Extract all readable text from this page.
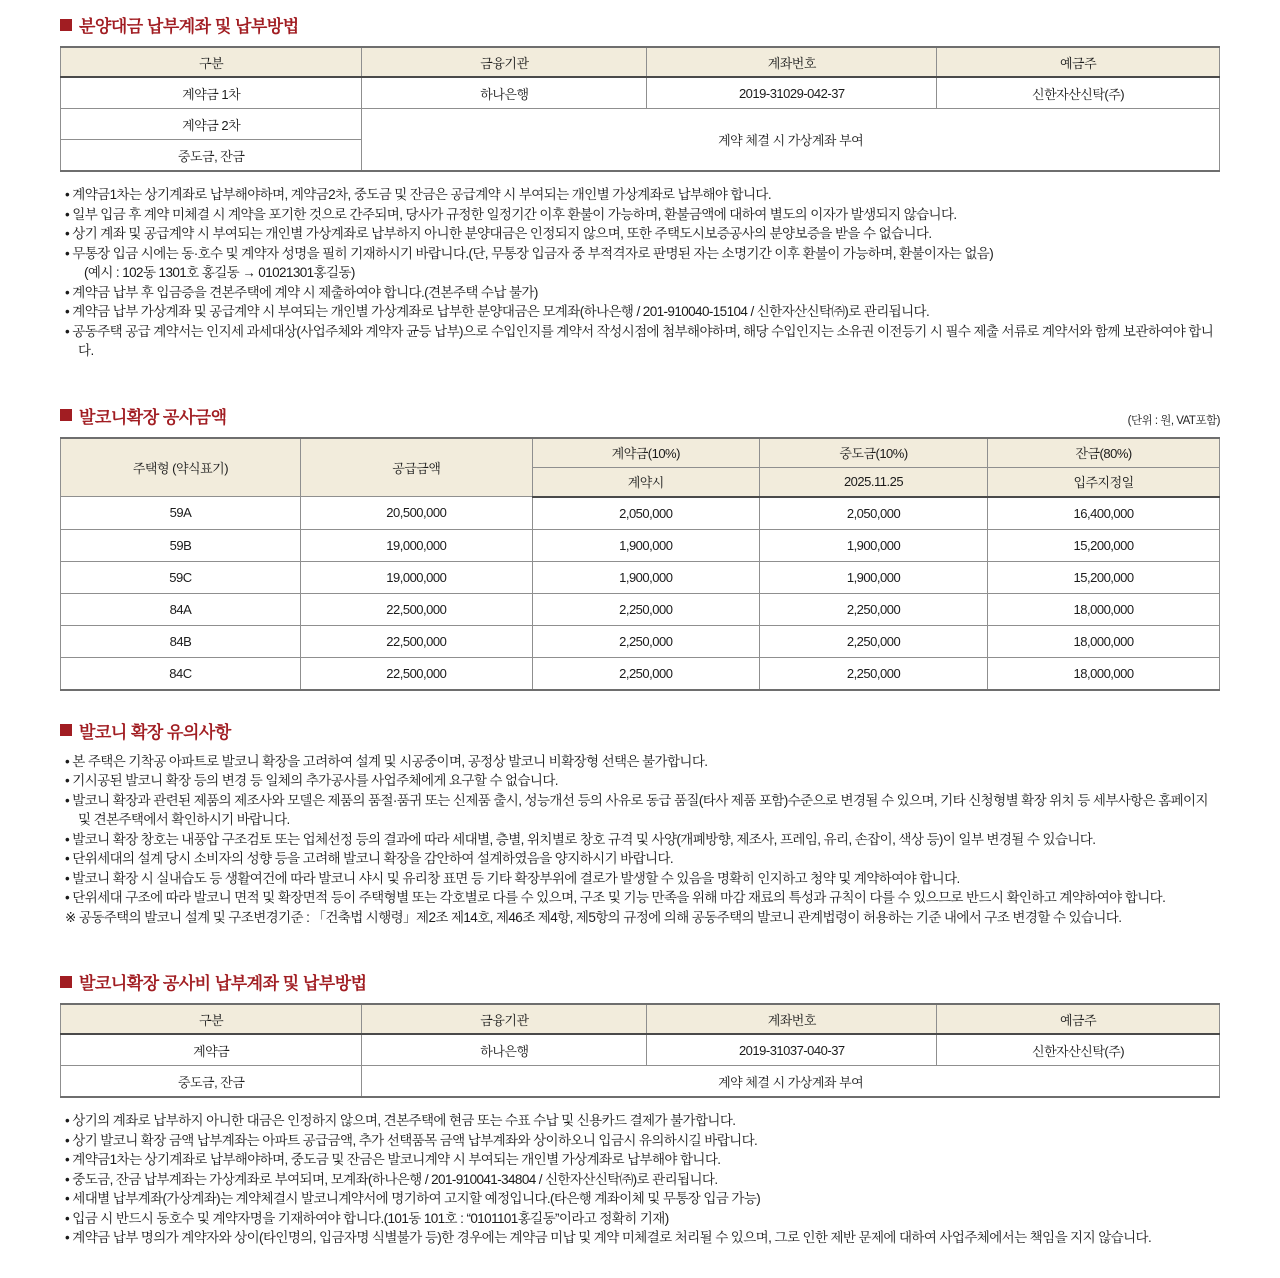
분양대금 납부계좌 및 납부방법
구분	금융기관	계좌번호	예금주
계약금 1차	하나은행	2019-31029-042-37	신한자산신탁(주)
계약금 2차	계약 체결 시 가상계좌 부여		
중도금, 잔금			
• 계약금1차는 상기계좌로 납부해야하며, 계약금2차, 중도금 및 잔금은 공급계약 시 부여되는 개인별 가상계좌로 납부해야 합니다.
• 일부 입금 후 계약 미체결 시 계약을 포기한 것으로 간주되며, 당사가 규정한 일정기간 이후 환불이 가능하며, 환불금액에 대하여 별도의 이자가 발생되지 않습니다.
• 상기 계좌 및 공급계약 시 부여되는 개인별 가상계좌로 납부하지 아니한 분양대금은 인정되지 않으며, 또한 주택도시보증공사의 분양보증을 받을 수 없습니다.
• 무통장 입금 시에는 동·호수 및 계약자 성명을 필히 기재하시기 바랍니다.(단, 무통장 입금자 중 부적격자로 판명된 자는 소명기간 이후 환불이 가능하며, 환불이자는 없음)
(예시 : 102동 1301호 홍길동 → 01021301홍길동)
• 계약금 납부 후 입금증을 견본주택에 계약 시 제출하여야 합니다.(견본주택 수납 불가)
• 계약금 납부 가상계좌 및 공급계약 시 부여되는 개인별 가상계좌로 납부한 분양대금은 모계좌(하나은행 / 201-910040-15104 / 신한자산신탁㈜)로 관리됩니다.
• 공동주택 공급 계약서는 인지세 과세대상(사업주체와 계약자 균등 납부)으로 수입인지를 계약서 작성시점에 첨부해야하며, 해당 수입인지는 소유권 이전등기 시 필수 제출 서류로 계약서와 함께 보관하여야 합니다.
발코니확장 공사금액	(단위 : 원, VAT포함)
주택형 (약식표기)	공급금액	계약금(10%)	중도금(10%)	잔금(80%)
		계약시	2025.11.25	입주지정일
59A	20,500,000	2,050,000	2,050,000	16,400,000
59B	19,000,000	1,900,000	1,900,000	15,200,000
59C	19,000,000	1,900,000	1,900,000	15,200,000
84A	22,500,000	2,250,000	2,250,000	18,000,000
84B	22,500,000	2,250,000	2,250,000	18,000,000
84C	22,500,000	2,250,000	2,250,000	18,000,000
발코니 확장 유의사항
• 본 주택은 기착공 아파트로 발코니 확장을 고려하여 설계 및 시공중이며, 공정상 발코니 비확장형 선택은 불가합니다.
• 기시공된 발코니 확장 등의 변경 등 일체의 추가공사를 사업주체에게 요구할 수 없습니다.
• 발코니 확장과 관련된 제품의 제조사와 모델은 제품의 품절·품귀 또는 신제품 출시, 성능개선 등의 사유로 동급 품질(타사 제품 포함)수준으로 변경될 수 있으며, 기타 신청형별 확장 위치 등 세부사항은 홈페이지 및 견본주택에서 확인하시기 바랍니다.
• 발코니 확장 창호는 내풍압 구조검토 또는 업체선정 등의 결과에 따라 세대별, 층별, 위치별로 창호 규격 및 사양(개폐방향, 제조사, 프레임, 유리, 손잡이, 색상 등)이 일부 변경될 수 있습니다.
• 단위세대의 설계 당시 소비자의 성향 등을 고려해 발코니 확장을 감안하여 설계하였음을 양지하시기 바랍니다.
• 발코니 확장 시 실내습도 등 생활여건에 따라 발코니 샤시 및 유리창 표면 등 기타 확장부위에 결로가 발생할 수 있음을 명확히 인지하고 청약 및 계약하여야 합니다.
• 단위세대 구조에 따라 발코니 면적 및 확장면적 등이 주택형별 또는 각호별로 다를 수 있으며, 구조 및 기능 만족을 위해 마감 재료의 특성과 규칙이 다를 수 있으므로 반드시 확인하고 계약하여야 합니다.
※ 공동주택의 발코니 설계 및 구조변경기준 : 「건축법 시행령」제2조 제14호, 제46조 제4항, 제5항의 규정에 의해 공동주택의 발코니 관계법령이 허용하는 기준 내에서 구조 변경할 수 있습니다.
발코니확장 공사비 납부계좌 및 납부방법
구분	금융기관	계좌번호	예금주
계약금	하나은행	2019-31037-040-37	신한자산신탁(주)
중도금, 잔금	계약 체결 시 가상계좌 부여		
• 상기의 계좌로 납부하지 아니한 대금은 인정하지 않으며, 견본주택에 현금 또는 수표 수납 및 신용카드 결제가 불가합니다.
• 상기 발코니 확장 금액 납부계좌는 아파트 공급금액, 추가 선택품목 금액 납부계좌와 상이하오니 입금시 유의하시길 바랍니다.
• 계약금1차는 상기계좌로 납부해야하며, 중도금 및 잔금은 발코니계약 시 부여되는 개인별 가상계좌로 납부해야 합니다.
• 중도금, 잔금 납부계좌는 가상계좌로 부여되며, 모계좌(하나은행 / 201-910041-34804 / 신한자산신탁㈜)로 관리됩니다.
• 세대별 납부계좌(가상계좌)는 계약체결시 발코니계약서에 명기하여 고지할 예정입니다.(타은행 계좌이체 및 무통장 입금 가능)
• 입금 시 반드시 동호수 및 계약자명을 기재하여야 합니다.(101동 101호 : “0101101홍길동”이라고 정확히 기재)
• 계약금 납부 명의가 계약자와 상이(타인명의, 입금자명 식별불가 등)한 경우에는 계약금 미납 및 계약 미체결로 처리될 수 있으며, 그로 인한 제반 문제에 대하여 사업주체에서는 책임을 지지 않습니다.
